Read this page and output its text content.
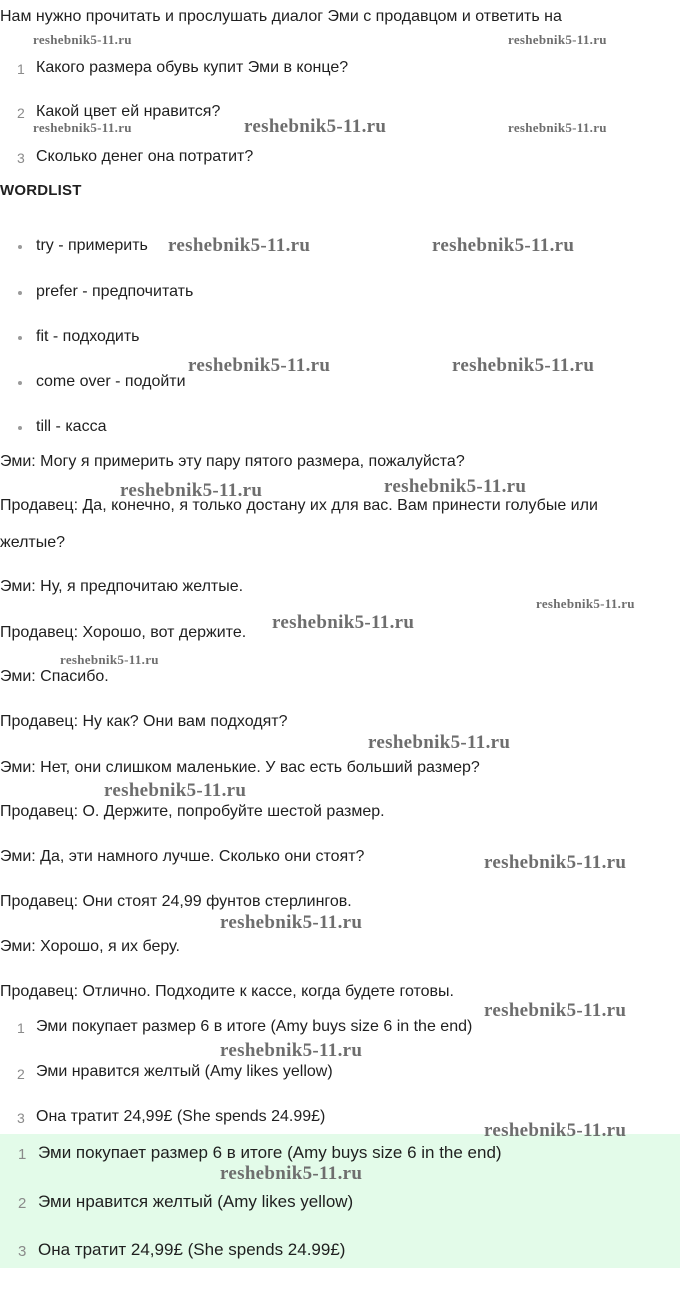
Нам нужно прочитать и прослушать диалог Эми с продавцом и ответить на
1 Какого размера обувь купит Эми в конце?
2 Какой цвет ей нравится?
3 Сколько денег она потратит?
WORDLIST
try - примерить
prefer - предпочитать
fit - подходить
come over - подойти
till - касса
Эми: Могу я примерить эту пару пятого размера, пожалуйста?
Продавец: Да, конечно, я только достану их для вас. Вам принести голубые или
желтые?
Эми: Ну, я предпочитаю желтые.
Продавец: Хорошо, вот держите.
Эми: Спасибо.
Продавец: Ну как? Они вам подходят?
Эми: Нет, они слишком маленькие. У вас есть больший размер?
Продавец: О. Держите, попробуйте шестой размер.
Эми: Да, эти намного лучше. Сколько они стоят?
Продавец: Они стоят 24,99 фунтов стерлингов.
Эми: Хорошо, я их беру.
Продавец: Отлично. Подходите к кассе, когда будете готовы.
1 Эми покупает размер 6 в итоге (Amy buys size 6 in the end)
2 Эми нравится желтый (Amy likes yellow)
3 Она тратит 24,99£ (She spends 24.99£)
1 Эми покупает размер 6 в итоге (Amy buys size 6 in the end)
2 Эми нравится желтый (Amy likes yellow)
3 Она тратит 24,99£ (She spends 24.99£)
reshebnik5-11.ru	reshebnik5-11.ru
reshebnik5-11.ru	reshebnik5-11.ru	reshebnik5-11.ru
reshebnik5-11.ru	reshebnik5-11.ru
reshebnik5-11.ru	reshebnik5-11.ru
reshebnik5-11.ru	reshebnik5-11.ru
reshebnik5-11.ru
reshebnik5-11.ru
reshebnik5-11.ru
reshebnik5-11.ru
reshebnik5-11.ru
reshebnik5-11.ru
reshebnik5-11.ru
reshebnik5-11.ru
reshebnik5-11.ru
reshebnik5-11.ru
reshebnik5-11.ru
